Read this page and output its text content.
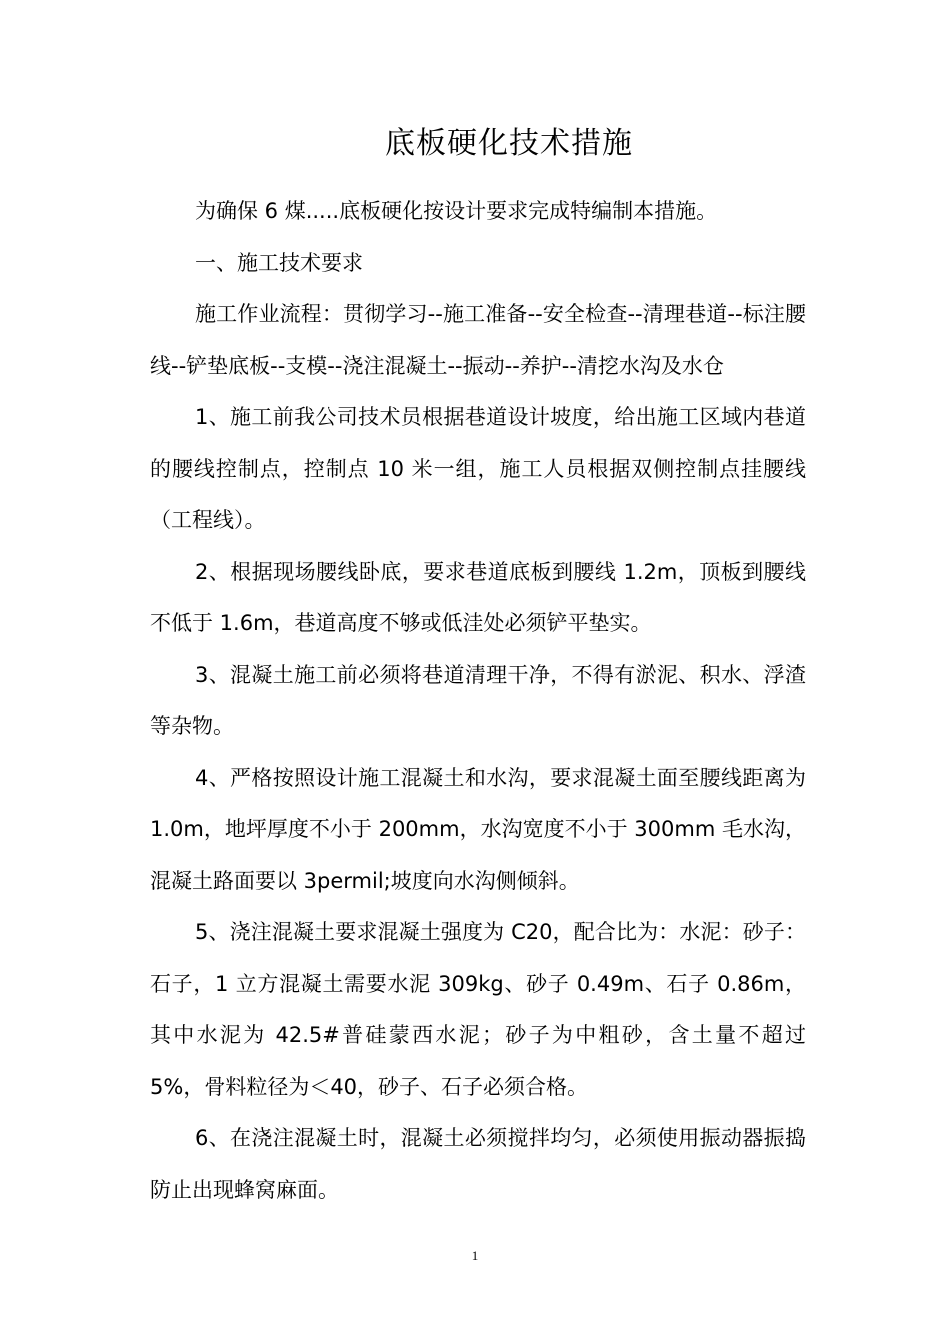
底板硬化技术措施

为确保 6 煤.....底板硬化按设计要求完成特编制本措施。

一、施工技术要求

施工作业流程：贯彻学习--施工准备--安全检查--清理巷道--标注腰线--铲垫底板--支模--浇注混凝土--振动--养护--清挖水沟及水仓

1、施工前我公司技术员根据巷道设计坡度，给出施工区域内巷道的腰线控制点，控制点 10 米一组，施工人员根据双侧控制点挂腰线（工程线）。

2、根据现场腰线卧底，要求巷道底板到腰线 1.2m，顶板到腰线不低于 1.6m，巷道高度不够或低洼处必须铲平垫实。

3、混凝土施工前必须将巷道清理干净，不得有淤泥、积水、浮渣等杂物。

4、严格按照设计施工混凝土和水沟，要求混凝土面至腰线距离为 1.0m，地坪厚度不小于 200mm，水沟宽度不小于 300mm 毛水沟，混凝土路面要以 3permil;坡度向水沟侧倾斜。

5、浇注混凝土要求混凝土强度为 C20，配合比为：水泥：砂子：石子，1 立方混凝土需要水泥 309kg、砂子 0.49m、石子 0.86m，其中水泥为 42.5#普硅蒙西水泥；砂子为中粗砂，含土量不超过 5%，骨料粒径为＜40，砂子、石子必须合格。

6、在浇注混凝土时，混凝土必须搅拌均匀，必须使用振动器振捣防止出现蜂窝麻面。

1
